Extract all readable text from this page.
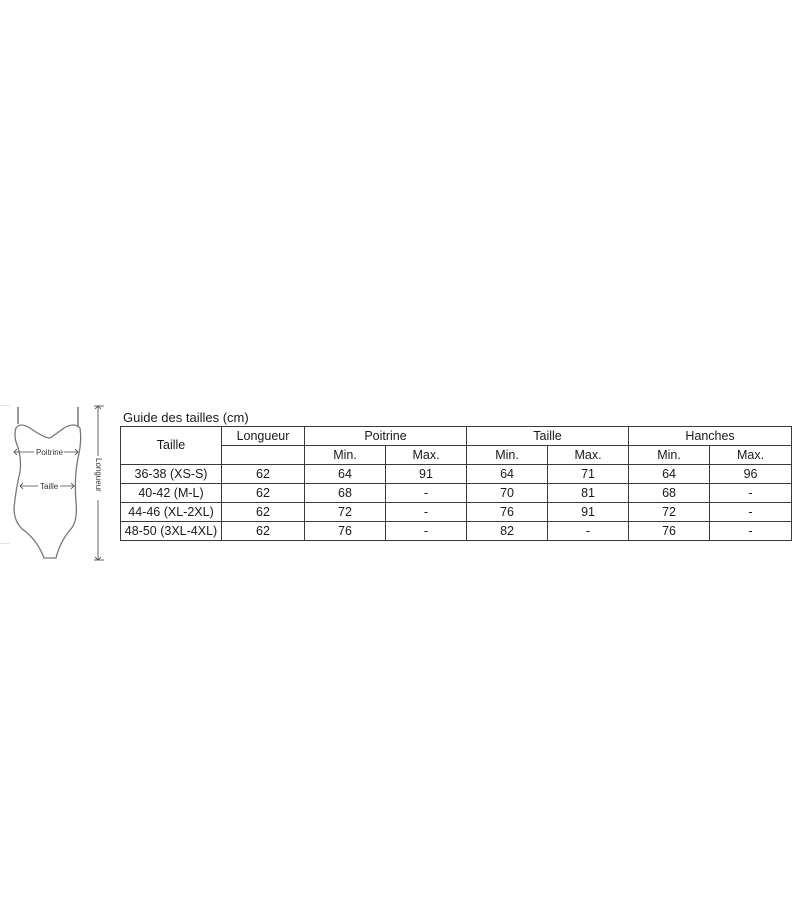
Poitrine
Taille	Longueur
Guide des tailles (cm)
Taille	Longueur	Poitrine		Taille		Hanches	
		Min.	Max.	Min.	Max.	Min.	Max.
36-38 (XS-S)	62	64	91	64	71	64	96
40-42 (M-L)	62	68	-	70	81	68	-
44-46 (XL-2XL)	62	72	-	76	91	72	-
48-50 (3XL-4XL)	62	76	-	82	-	76	-
